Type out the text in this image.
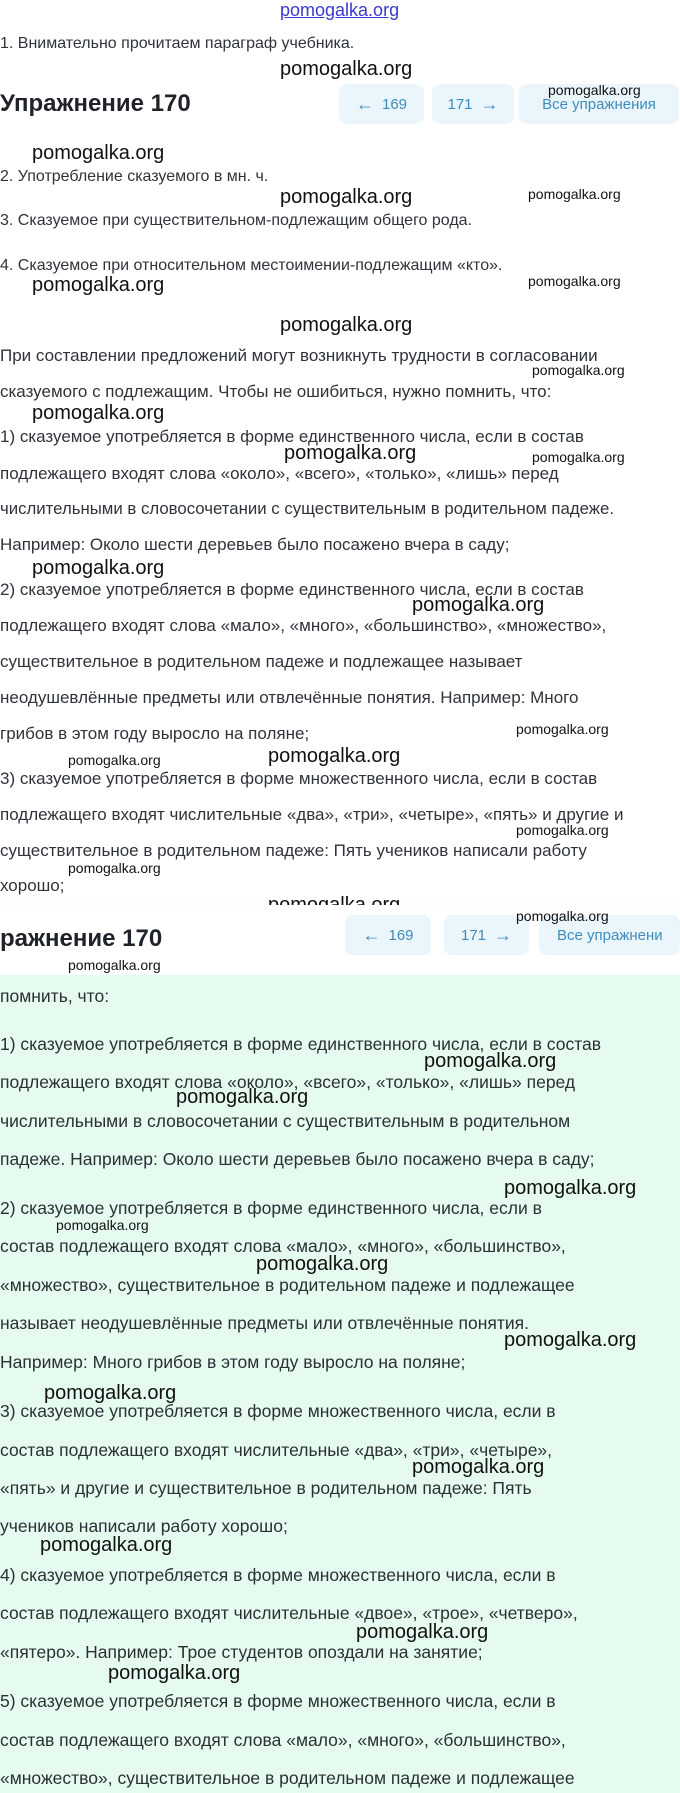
pomogalka.org
1. Внимательно прочитаем параграф учебника.
pomogalka.org
Упражнение 170	← 169	171 →	Все упражнения
pomogalka.org
pomogalka.org
2. Употребление сказуемого в мн. ч.
pomogalka.org	pomogalka.org
3. Сказуемое при существительном-подлежащим общего рода.
4. Сказуемое при относительном местоимении-подлежащим «кто».
pomogalka.org	pomogalka.org
pomogalka.org
При составлении предложений могут возникнуть трудности в согласовании
pomogalka.org
сказуемого с подлежащим. Чтобы не ошибиться, нужно помнить, что:
pomogalka.org
1) сказуемое употребляется в форме единственного числа, если в состав
pomogalka.org	pomogalka.org
подлежащего входят слова «около», «всего», «только», «лишь» перед
числительными в словосочетании с существительным в родительном падеже.
Например: Около шести деревьев было посажено вчера в саду;
pomogalka.org
2) сказуемое употребляется в форме единственного числа, если в состав
pomogalka.org
подлежащего входят слова «мало», «много», «большинство», «множество»,
существительное в родительном падеже и подлежащее называет
неодушевлённые предметы или отвлечённые понятия. Например: Много
грибов в этом году выросло на поляне;	pomogalka.org
pomogalka.org	pomogalka.org
3) сказуемое употребляется в форме множественного числа, если в состав
подлежащего входят числительные «два», «три», «четыре», «пять» и другие и
pomogalka.org
существительное в родительном падеже: Пять учеников написали работу
pomogalka.org
хорошо;
ражнение 170	← 169	171 →	Все упражнени
pomogalka.org
pomogalka.org
помнить, что:
1) сказуемое употребляется в форме единственного числа, если в состав
pomogalka.org
подлежащего входят слова «около», «всего», «только», «лишь» перед
pomogalka.org
числительными в словосочетании с существительным в родительном
падеже. Например: Около шести деревьев было посажено вчера в саду;
pomogalka.org
2) сказуемое употребляется в форме единственного числа, если в
pomogalka.org
состав подлежащего входят слова «мало», «много», «большинство»,
pomogalka.org
«множество», существительное в родительном падеже и подлежащее
называет неодушевлённые предметы или отвлечённые понятия.
pomogalka.org
Например: Много грибов в этом году выросло на поляне;
pomogalka.org
3) сказуемое употребляется в форме множественного числа, если в
состав подлежащего входят числительные «два», «три», «четыре»,
pomogalka.org
«пять» и другие и существительное в родительном падеже: Пять
учеников написали работу хорошо;
pomogalka.org
4) сказуемое употребляется в форме множественного числа, если в
состав подлежащего входят числительные «двое», «трое», «четверо»,
pomogalka.org
«пятеро». Например: Трое студентов опоздали на занятие;
pomogalka.org
5) сказуемое употребляется в форме множественного числа, если в
состав подлежащего входят слова «мало», «много», «большинство»,
«множество», существительное в родительном падеже и подлежащее
